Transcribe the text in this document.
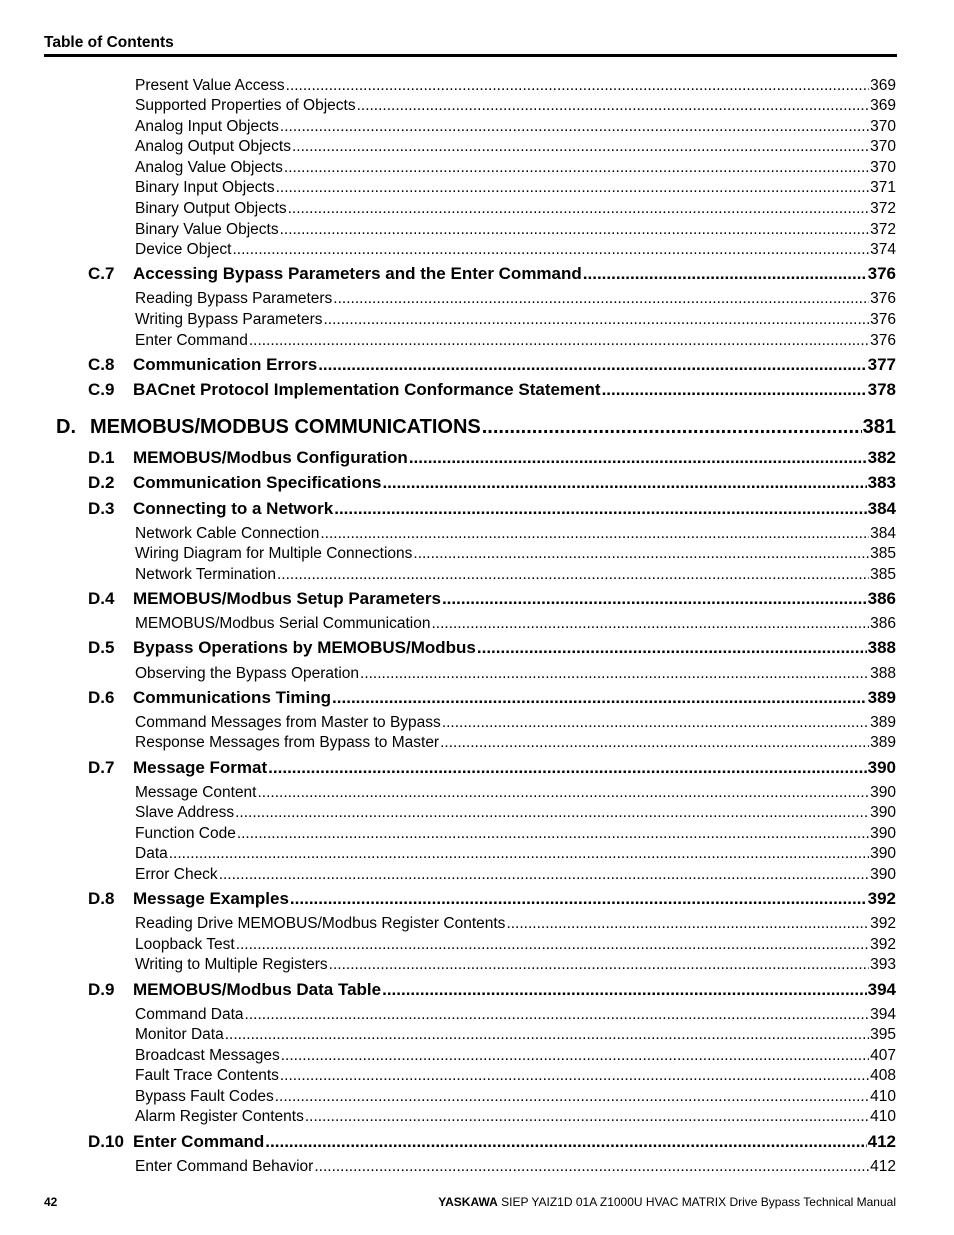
Table of Contents
Present Value Access .....	369
Supported Properties of Objects .....	369
Analog Input Objects .....	370
Analog Output Objects .....	370
Analog Value Objects .....	370
Binary Input Objects .....	371
Binary Output Objects .....	372
Binary Value Objects .....	372
Device Object .....	374
C.7	Accessing Bypass Parameters and the Enter Command .....	376
Reading Bypass Parameters .....	376
Writing Bypass Parameters .....	376
Enter Command .....	376
C.8	Communication Errors .....	377
C.9	BACnet Protocol Implementation Conformance Statement .....	378
D. MEMOBUS/MODBUS COMMUNICATIONS .....	381
D.1	MEMOBUS/Modbus Configuration .....	382
D.2	Communication Specifications .....	383
D.3	Connecting to a Network .....	384
Network Cable Connection .....	384
Wiring Diagram for Multiple Connections .....	385
Network Termination .....	385
D.4	MEMOBUS/Modbus Setup Parameters .....	386
MEMOBUS/Modbus Serial Communication .....	386
D.5	Bypass Operations by MEMOBUS/Modbus .....	388
Observing the Bypass Operation .....	388
D.6	Communications Timing .....	389
Command Messages from Master to Bypass .....	389
Response Messages from Bypass to Master .....	389
D.7	Message Format .....	390
Message Content .....	390
Slave Address .....	390
Function Code .....	390
Data .....	390
Error Check .....	390
D.8	Message Examples .....	392
Reading Drive MEMOBUS/Modbus Register Contents .....	392
Loopback Test .....	392
Writing to Multiple Registers .....	393
D.9	MEMOBUS/Modbus Data Table .....	394
Command Data .....	394
Monitor Data .....	395
Broadcast Messages .....	407
Fault Trace Contents .....	408
Bypass Fault Codes .....	410
Alarm Register Contents .....	410
D.10 Enter Command .....	412
Enter Command Behavior .....	412
42	YASKAWA SIEP YAIZ1D 01A Z1000U HVAC MATRIX Drive Bypass Technical Manual
